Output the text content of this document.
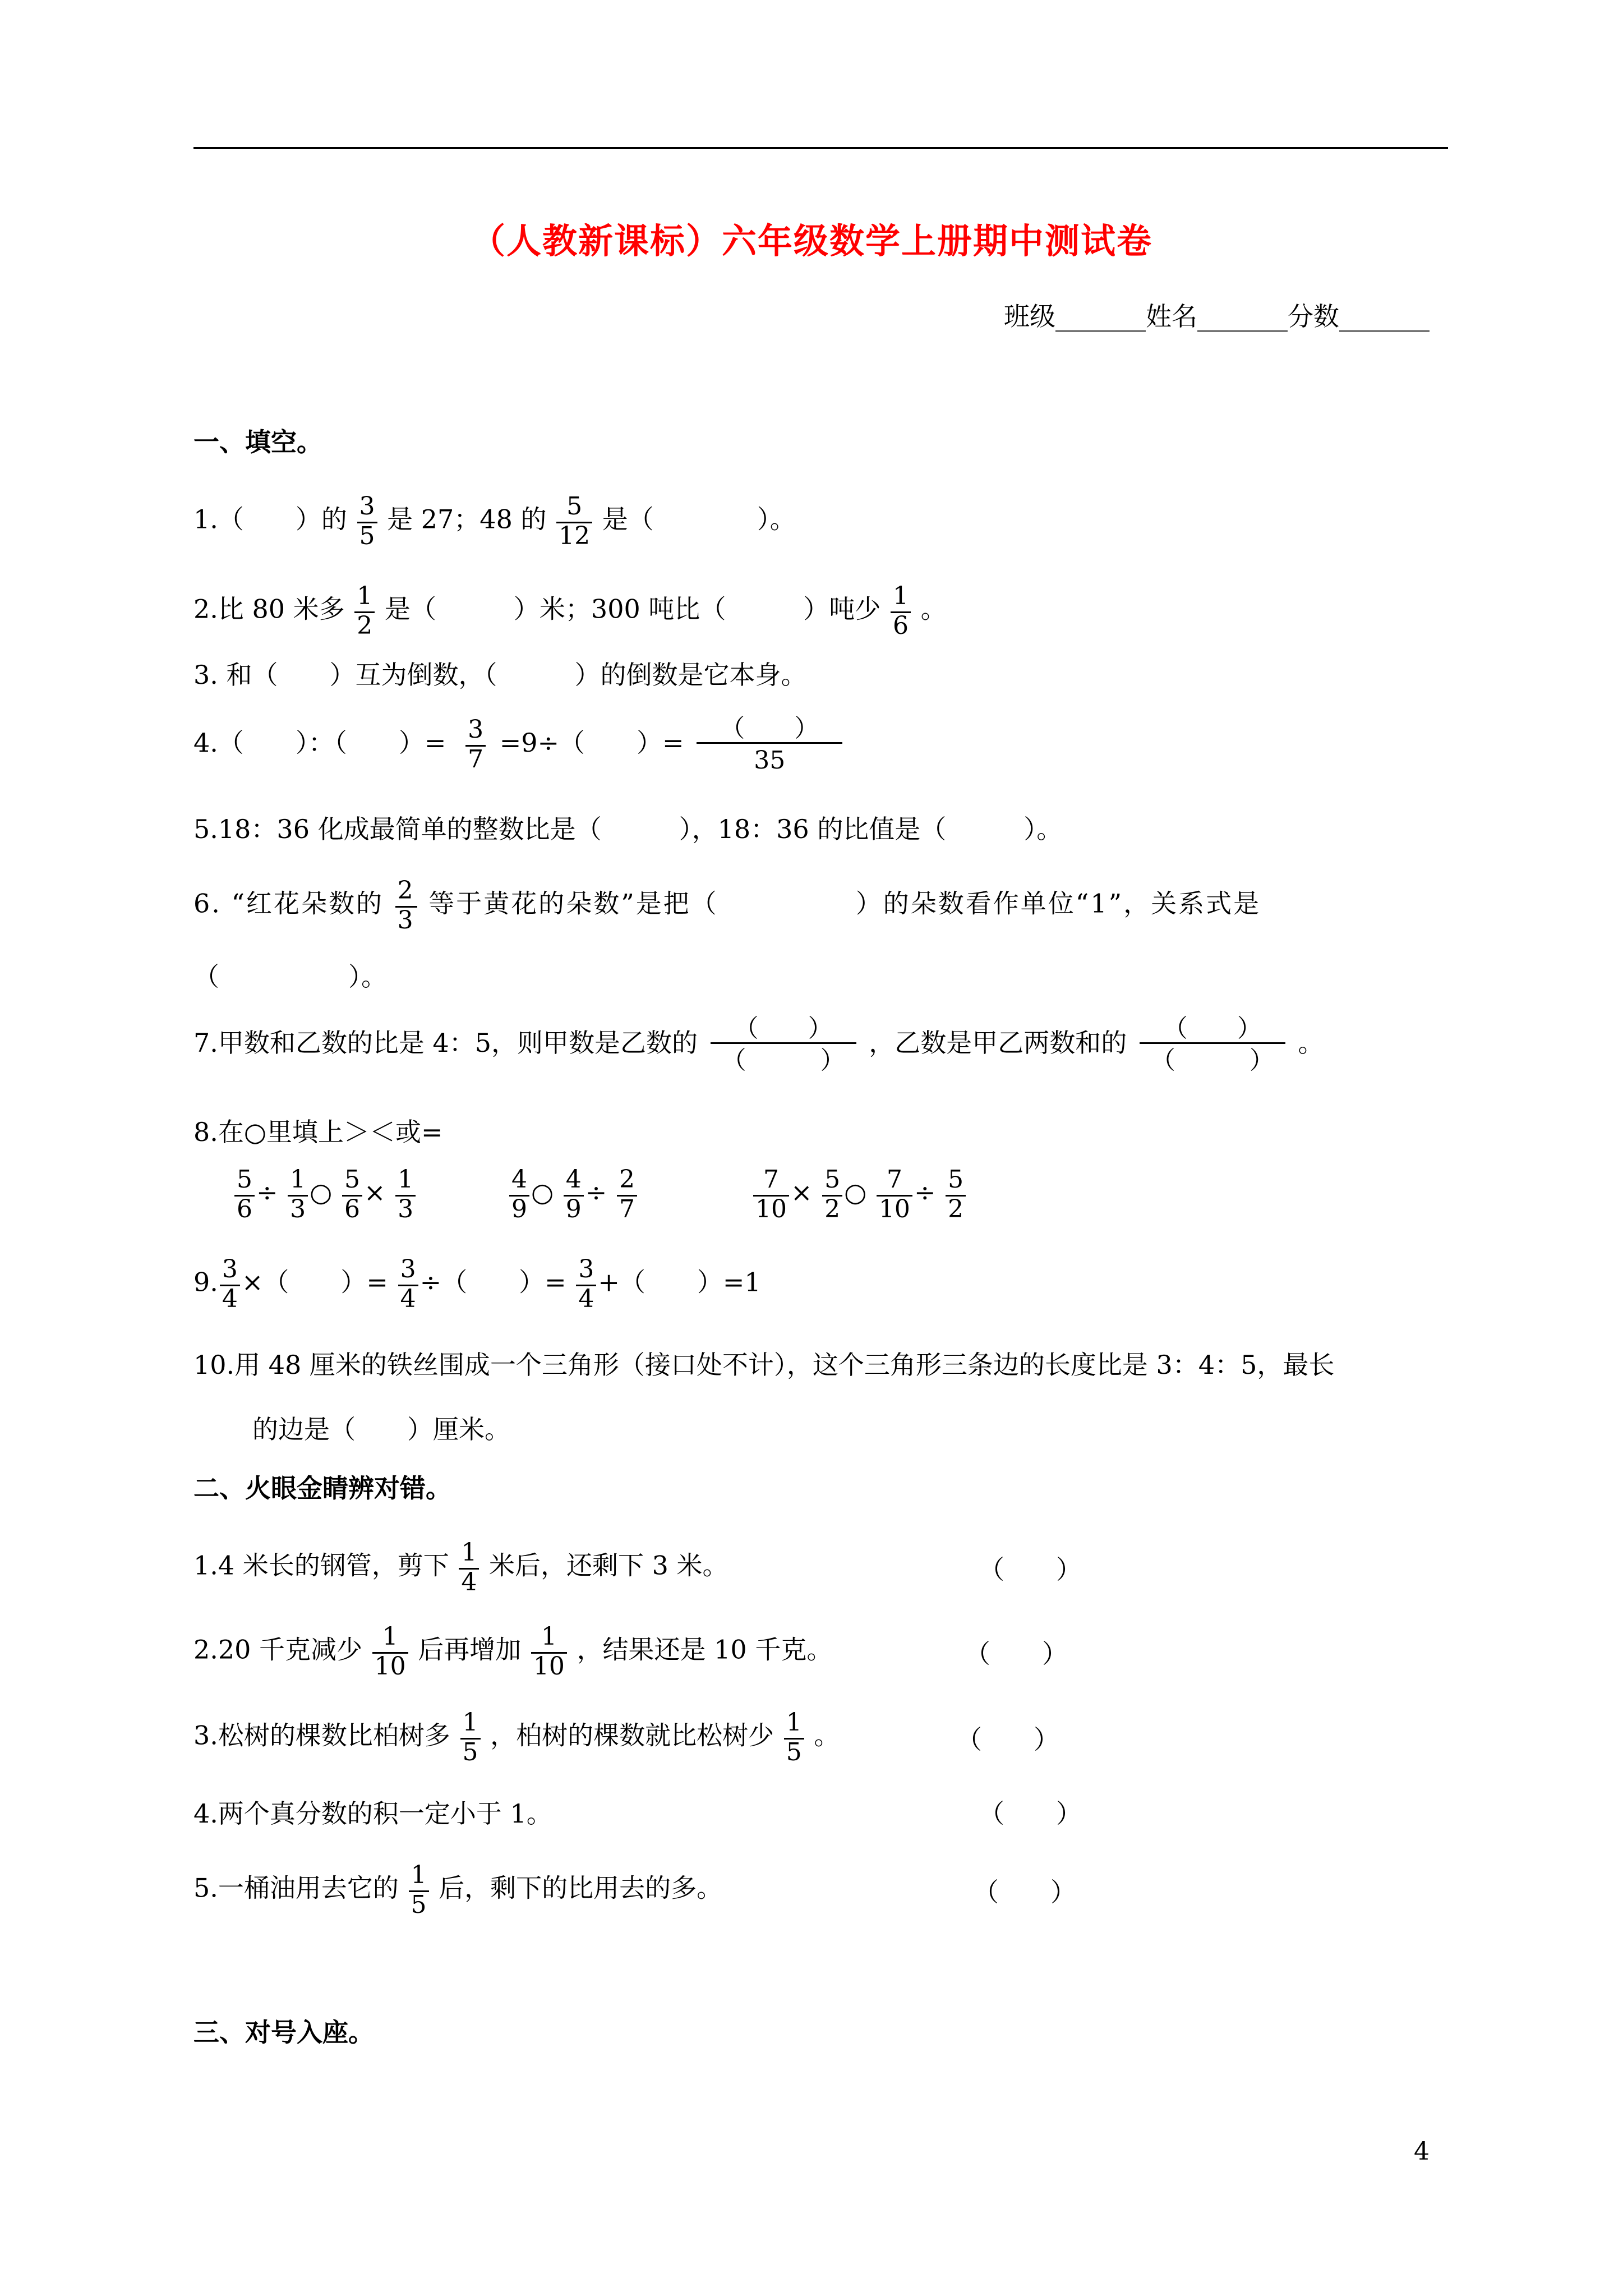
（人教新课标）六年级数学上册期中测试卷
班级_______姓名_______分数_______
一、填空。
1.（　　）的 $\frac{3}{5}$ 是 27；48 的 $\frac{5}{12}$ 是（　　　　）。
2.比 80 米多 $\frac{1}{2}$ 是（　　　）米；300 吨比（　　　）吨少 $\frac{1}{6}$ 。
3. 和（　　）互为倒数，（　　　）的倒数是它本身。
4.（　　）：（　　）= $\frac{3}{7} =9\div$（　　）= （　　）
35
5.18：36 化成最简单的整数比是（　　　），18：36 的比值是（　　　）。
6. “红花朵数的 $\frac{2}{3}$ 等于黄花的朵数”是把（　　　　　）的朵数看作单位“1”，关系式是
（　　　　　）。
7.甲数和乙数的比是 4：5，则甲数是乙数的 （　　）
（　　　）
，乙数是甲乙两数和的 （　　）
（　　　）
。
8.在○里填上＞＜或=
$\frac{5}{6} \div \frac{1}{3}$ ○ $\frac{5}{6} \times \frac{1}{3}$	$\frac{4}{9}$ ○ $\frac{4}{9} \div \frac{2}{7}$	$\frac{7}{10} \times \frac{5}{2}$ ○ $\frac{7}{10} \div \frac{5}{2}$
9. $\frac{3}{4}$ ×（　　）= $\frac{3}{4}$ ÷（　　）= $\frac{3}{4}$ +（　　）=1
10.用 48 厘米的铁丝围成一个三角形（接口处不计），这个三角形三条边的长度比是 3：4：5，最长
的边是（　　）厘米。
二、火眼金睛辨对错。
1.4 米长的钢管，剪下 $\frac{1}{4}$ 米后，还剩下 3 米。	（　　）
2.20 千克减少 $\frac{1}{10}$ 后再增加 $\frac{1}{10}$ ，结果还是 10 千克。	（　　）
3.松树的棵数比柏树多 $\frac{1}{5}$ ，柏树的棵数就比松树少 $\frac{1}{5}$ 。	（　　）
4.两个真分数的积一定小于 1。	（　　）
5.一桶油用去它的 $\frac{1}{5}$ 后，剩下的比用去的多。	（　　）
三、对号入座。
4
